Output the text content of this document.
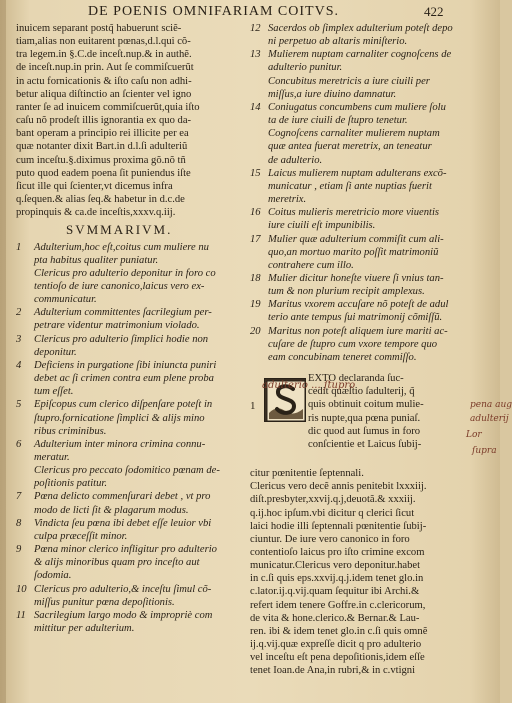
DE POENIS OMNIFARIAM COITVS.	422
inuicem separant postq̃ habuerunt sciẽ-
tiam,alias non euitarent pœnas,d.l.qui cõ-
tra legem.in §.C.de inceſt.nup.& in authẽ.
de inceſt.nup.in prin. Aut ſe commiſcuerũt
in actu fornicationis & iſto caſu non adhi-
betur aliqua diſtinctio an ſcienter vel igno
ranter ſe ad inuicem commiſcuerũt,quia iſto
caſu nõ prodeſt illis ignorantia ex quo da-
bant operam a principio rei illicite per ea
quæ notanter dixit Bart.in d.l.ſi adulteriũ
cum inceſtu.§.diximus proxima gõ.nõ tñ
puto quod eadem poena ſit puniendus iſte
ſicut ille qui ſcienter,vt dicemus infra
q.ſequen.& alias ſeq.& habetur in d.c.de
propinquis & ca.de inceſtis,xxxv.q.iij.
SVMMARIVM.
1 Adulterium,hoc eſt,coitus cum muliere nu
pta habitus qualiter puniatur.
Clericus pro adulterio deponitur in foro co
tentioſo de iure canonico,laicus vero ex-
communicatur.
2 Adulterium committentes ſacrilegium per-
petrare videntur matrimonium violado.
3 Clericus pro adulterio ſimplici hodie non
deponitur.
4 Deficiens in purgatione ſibi iniuncta puniri
debet ac ſi crimen contra eum plene proba
tum eſſet.
5 Epiſcopus cum clerico diſpenſare poteſt in
ſtupro.fornicatione ſimplici & alijs mino
ribus criminibus.
6 Adulterium inter minora crimina connu-
meratur.
Clericus pro peccato ſodomitico pœnam de-
poſitionis patitur.
7 Pœna delicto commenſurari debet , vt pro
modo de licti ſit & plagarum modus.
8 Vindicta ſeu pœna ibi debet eſſe leuior vbi
culpa præceſſit minor.
9 Pœna minor clerico infligitur pro adulterio
& alijs minoribus quam pro inceſto aut
ſodomia.
10 Clericus pro adulterio,& inceſtu ſimul cõ-
miſſus punitur pœna depoſitionis.
11 Sacrilegium largo modo & impropriè com
mittitur per adulterium.
12 Sacerdos ob ſimplex adulterium poteſt depo
ni perpetuo ab altaris miniſterio.
13 Mulierem nuptam carnaliter cognoſcens de
adulterio punitur.
Concubitus meretricis a iure ciuili per
miſſus,a iure diuino damnatur.
14 Coniugatus concumbens cum muliere ſolu
ta de iure ciuili de ſtupro tenetur.
Cognoſcens carnaliter mulierem nuptam
quæ antea fuerat meretrix, an teneatur
de adulterio.
15 Laicus mulierem nuptam adulterans excõ-
municatur , etiam ſi ante nuptias fuerit
meretrix.
16 Coitus mulieris meretricio more viuentis
iure ciuili eſt impunibilis.
17 Mulier quæ adulterium commiſit cum ali-
quo,an mortuo marito poſſit matrimoniũ
contrahere cum illo.
18 Mulier dicitur honeſte viuere ſi vnius tan-
tum & non plurium recipit amplexus.
19 Maritus vxorem accuſare nõ poteſt de adul
terio ante tempus ſui matrimonij cõmiſſũ.
20 Maritus non poteſt aliquem iure mariti ac-
cuſare de ſtupro cum vxore tempore quo
eam concubinam teneret commiſſo.
1
EXTO declaranda ſuc-
cedit quæſtio ſadulterij, q̃
quis obtinuit coitum mulie-
ris nupte,qua pœna puniaſ.
dic quod aut ſumus in foro
conſcientie et Laicus ſubij-
citur pœnitentie ſeptennali.
Clericus vero decẽ annis penitebit lxxxiij.
diſt.presbyter,xxvij.q.j,deuotã.& xxxiij.
q.ij.hoc ipſum.vbi dicitur q clerici ſicut
laici hodie illi ſeptennali pœnitentie ſubij-
ciuntur. De iure vero canonico in foro
contentioſo laicus pro iſto crimine excom
municatur.Clericus vero deponitur.habet
in c.ſi quis eps.xxvij.q.j.idem tenet glo.in
c.lator.ij.q.vij.quam ſequitur ibi Archi.&
refert idem tenere Goffre.in c.clericorum,
de vita & hone.clerico.& Bernar.& Lau-
ren. ibi & idem tenet glo.in c.ſi quis omnẽ
ij.q.vij.quæ expreſſe dicit q pro adulterio
vel inceſtu eſt pena depoſitionis,idem eſſe
tenet Ioan.de Ana,in rubri,& in c.vtigni
adulterio ... ſtupro
pena aug
adulterij
Lor
ſupra
